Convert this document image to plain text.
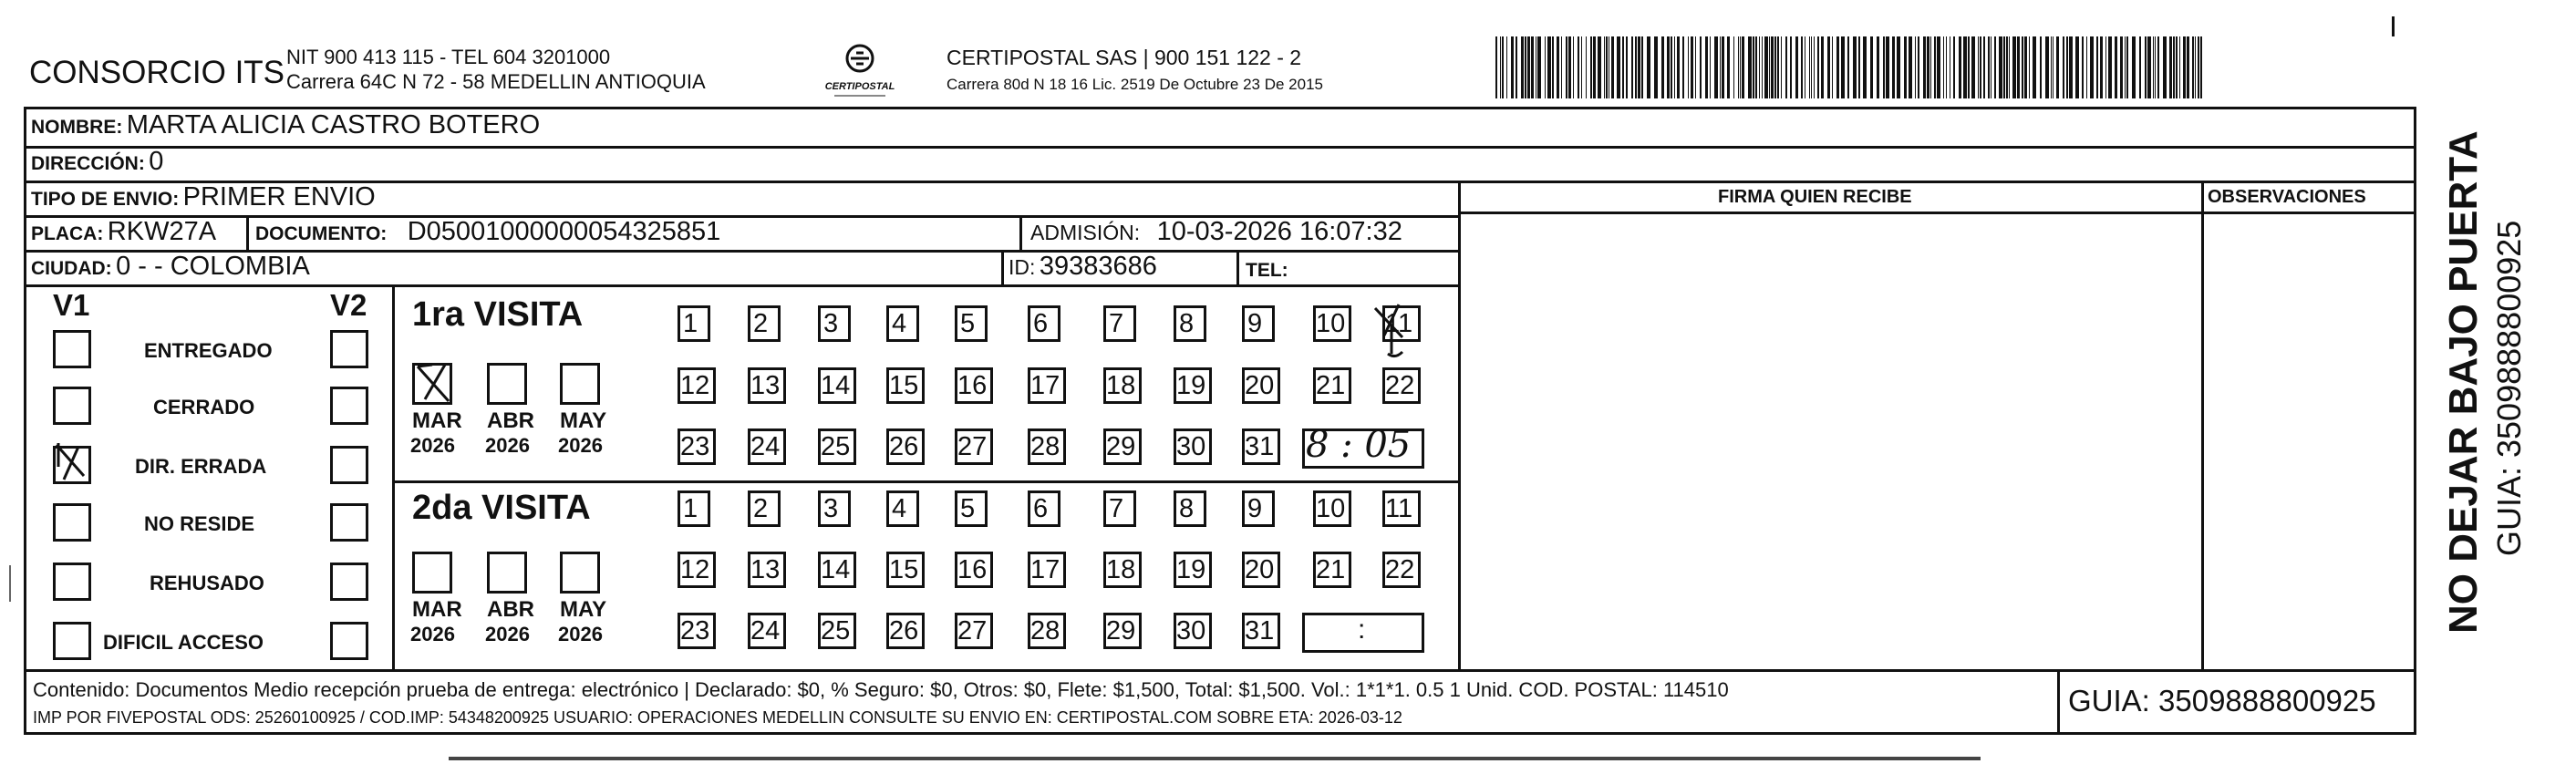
CONSORCIO ITS NIT 900 413 115 - TEL 604 3201000
Carrera 64C N 72 - 58 MEDELLIN ANTIOQUIA	CERTIPOSTAL
CERTIPOSTAL SAS | 900 151 122 - 2
Carrera 80d N 18 16 Lic. 2519 De Octubre 23 De 2015
NOMBRE: MARTA ALICIA CASTRO BOTERO
DIRECCIÓN: 0
TIPO DE ENVIO: PRIMER ENVIO
PLACA: RKW27A DOCUMENTO: D05001000000054325851	ADMISIÓN: 10-03-2026 16:07:32
CIUDAD: 0 - - COLOMBIA	ID: 39383686	TEL:
FIRMA QUIEN RECIBE	OBSERVACIONES
V1	V2
ENTREGADO
CERRADO
DIR. ERRADA
NO RESIDE
REHUSADO
DIFICIL ACCESO
1ra VISITA
MAR
2026
ABR
2026
MAY
2026
1 2 3 4 5 6 7 8 9 10 11
12 13 14 15 16 17 18 19 20 21 22
23 24 25 26 27 28 29 30 31 8 : 05
2da VISITA
MAR
2026
ABR
2026
MAY
2026
1 2 3 4 5 6 7 8 9 10 11
12 13 14 15 16 17 18 19 20 21 22
23 24 25 26 27 28 29 30 31	:
Contenido: Documentos Medio recepción prueba de entrega: electrónico | Declarado: $0, % Seguro: $0, Otros: $0, Flete: $1,500, Total: $1,500. Vol.: 1*1*1. 0.5 1 Unid. COD. POSTAL: 114510
IMP POR FIVEPOSTAL ODS: 25260100925 / COD.IMP: 54348200925 USUARIO: OPERACIONES MEDELLIN CONSULTE SU ENVIO EN: CERTIPOSTAL.COM SOBRE ETA: 2026-03-12	GUIA: 3509888800925
NO DEJAR BAJO PUERTA GUIA: 3509888800925
